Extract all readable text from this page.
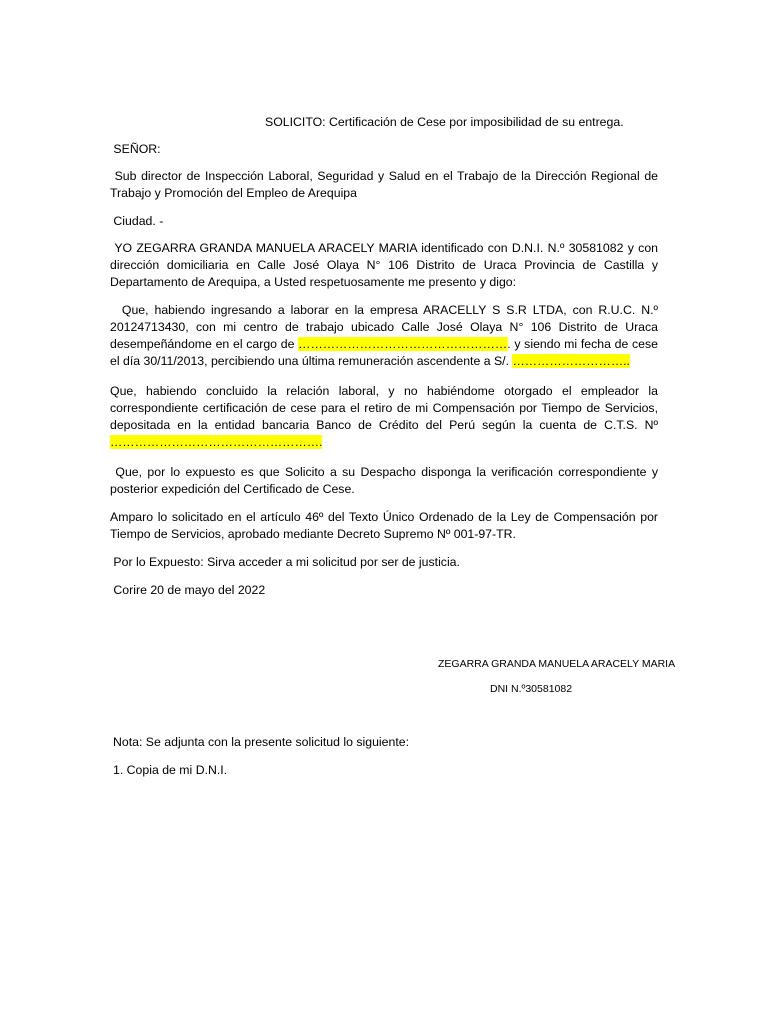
SOLICITO: Certificación de Cese por imposibilidad de su entrega.

SEÑOR:

Sub director de Inspección Laboral, Seguridad y Salud en el Trabajo de la Dirección Regional de Trabajo y Promoción del Empleo de Arequipa

Ciudad. -

YO ZEGARRA GRANDA MANUELA ARACELY MARIA identificado con D.N.I. N.º 30581082 y con dirección domiciliaria en Calle José Olaya N° 106 Distrito de Uraca Provincia de Castilla y Departamento de Arequipa, a Usted respetuosamente me presento y digo:

Que, habiendo ingresando a laborar en la empresa ARACELLY S S.R LTDA, con R.U.C. N.º 20124713430, con mi centro de trabajo ubicado Calle José Olaya N° 106 Distrito de Uraca desempeñándome en el cargo de ……………………………………………. y siendo mi fecha de cese el día 30/11/2013, percibiendo una última remuneración ascendente a S/. ………………………..

Que, habiendo concluido la relación laboral, y no habiéndome otorgado el empleador la correspondiente certificación de cese para el retiro de mi Compensación por Tiempo de Servicios, depositada en la entidad bancaria Banco de Crédito del Perú según la cuenta de C.T.S. Nº …………………………………………….

Que, por lo expuesto es que Solicito a su Despacho disponga la verificación correspondiente y posterior expedición del Certificado de Cese.

Amparo lo solicitado en el artículo 46º del Texto Único Ordenado de la Ley de Compensación por Tiempo de Servicios, aprobado mediante Decreto Supremo Nº 001-97-TR.

Por lo Expuesto: Sirva acceder a mi solicitud por ser de justicia.

Corire 20 de mayo del 2022

ZEGARRA GRANDA MANUELA ARACELY MARIA
DNI N.º30581082

Nota: Se adjunta con la presente solicitud lo siguiente:

1. Copia de mi D.N.I.
